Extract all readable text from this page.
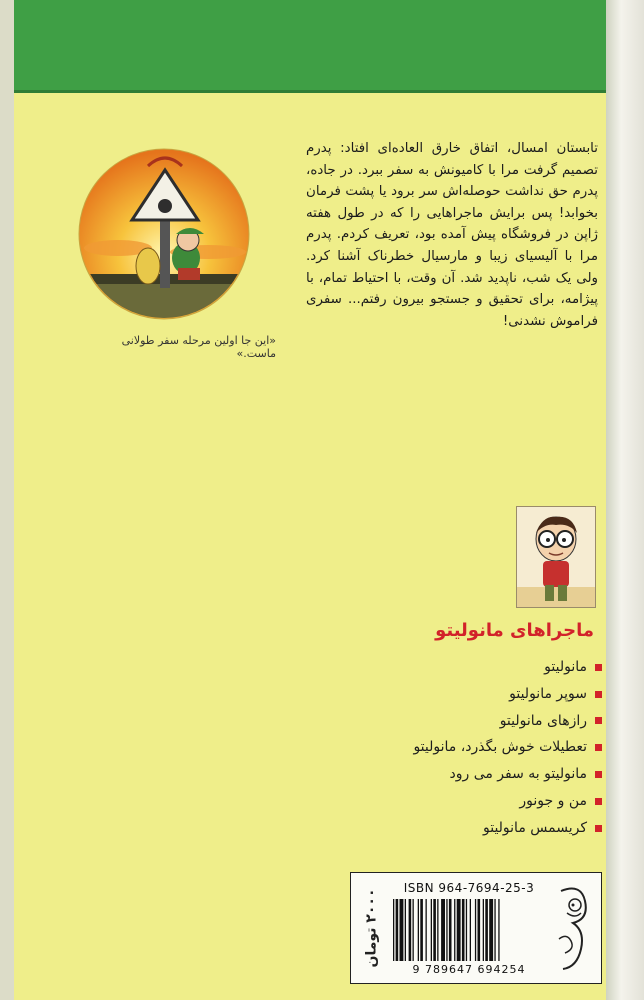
تابستان امسال، اتفاق خارق العاده‌ای افتاد: پدرم تصمیم گرفت مرا با کامیونش به سفر ببرد. در جاده، پدرم حق نداشت حوصله‌اش سر برود یا پشت فرمان بخوابد! پس برایش ماجراهایی را که در طول هفته ژاپن در فروشگاه پیش آمده بود، تعریف کردم. پدرم مرا با آلیسیای زیبا و مارسیال خطرناک آشنا کرد. ولی یک شب، ناپدید شد. آن وقت، با احتیاط تمام، با پیژامه، برای تحقیق و جستجو بیرون رفتم... سفری فراموش نشدنی!
«این جا اولین مرحله سفر طولانی ماست.»
ماجراهای مانولیتو
مانولیتو
سوپر مانولیتو
رازهای مانولیتو
تعطیلات خوش بگذرد، مانولیتو
مانولیتو به سفر می رود
من و جونور
کریسمس مانولیتو
۲۰۰۰ تومان
ISBN 964-7694-25-3
9 789647 694254
